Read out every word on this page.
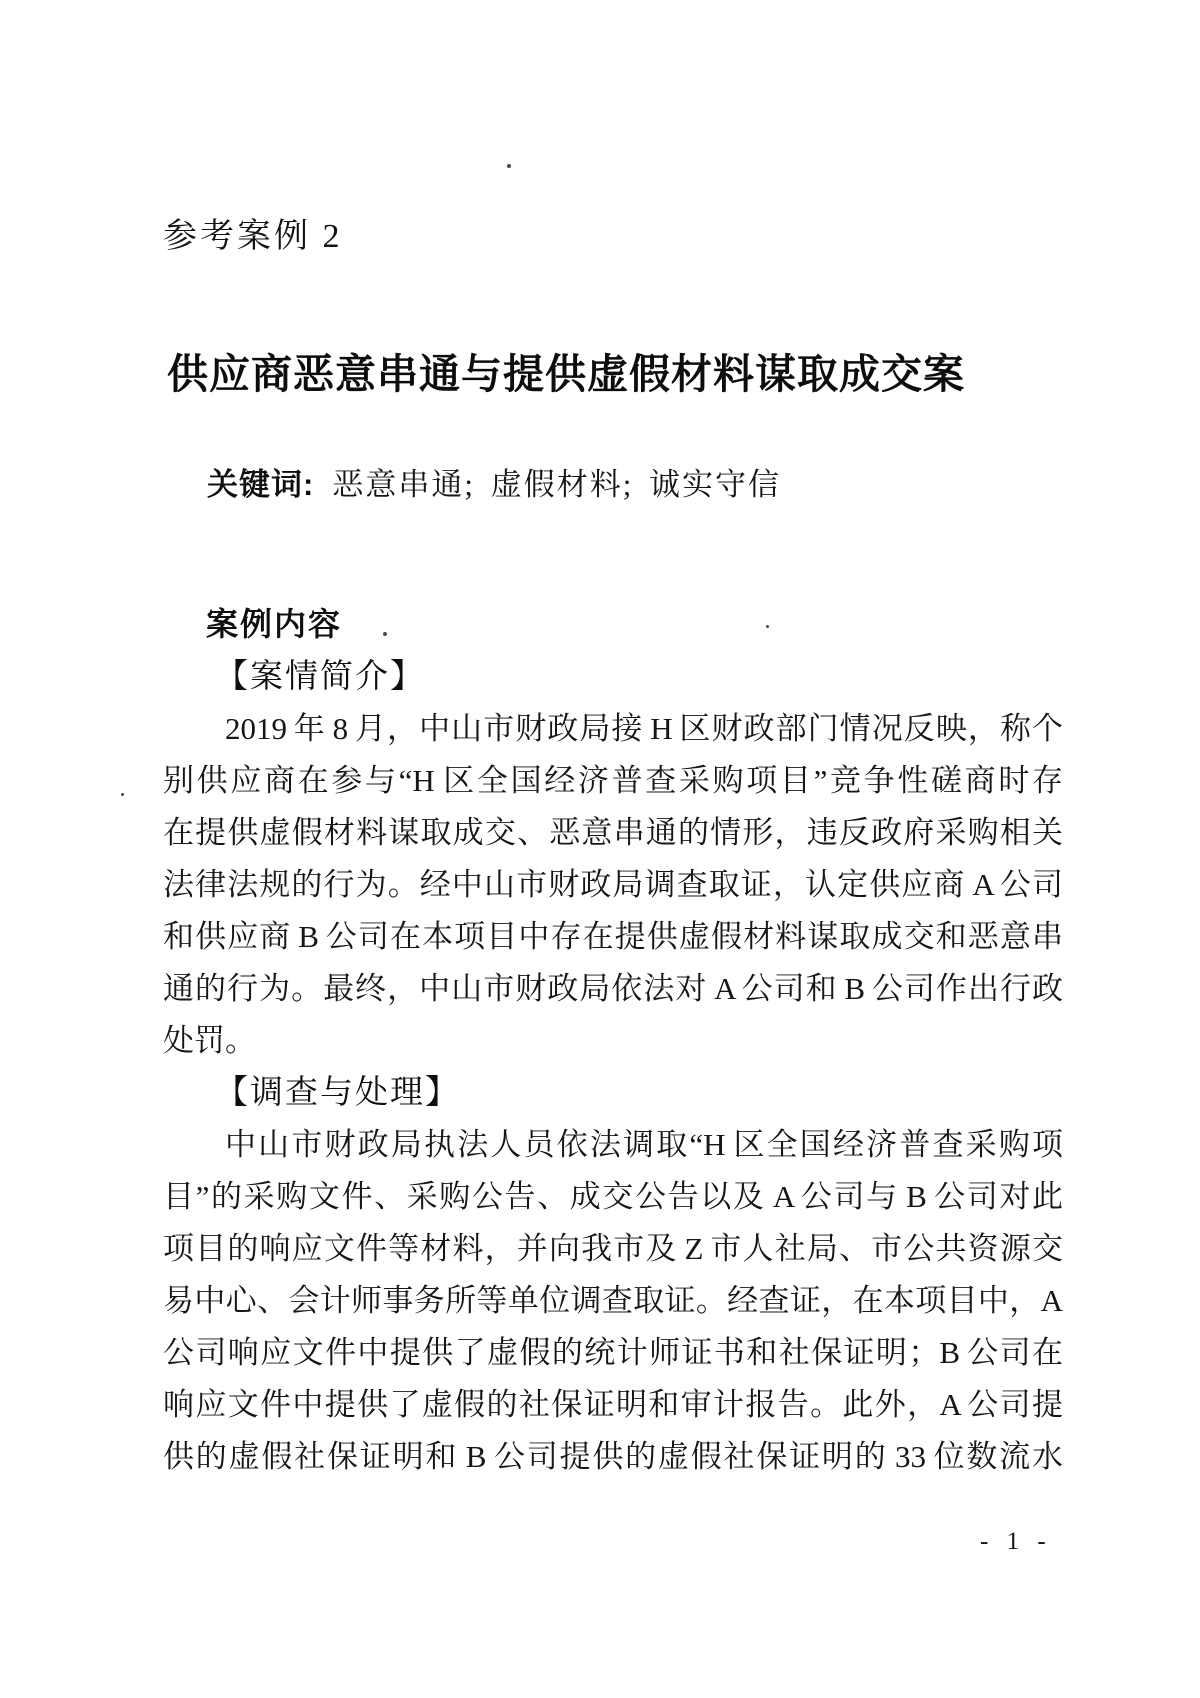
参考案例 2
供应商恶意串通与提供虚假材料谋取成交案
关键词: 恶意串通; 虚假材料; 诚实守信
案例内容
【案情简介】
2019 年 8 月，中山市财政局接 H 区财政部门情况反映，称个
别供应商在参与“H 区全国经济普查采购项目”竞争性磋商时存
在提供虚假材料谋取成交、恶意串通的情形，违反政府采购相关
法律法规的行为。经中山市财政局调查取证，认定供应商 A 公司
和供应商 B 公司在本项目中存在提供虚假材料谋取成交和恶意串
通的行为。最终，中山市财政局依法对 A 公司和 B 公司作出行政
处罚。
【调查与处理】
中山市财政局执法人员依法调取“H 区全国经济普查采购项
目”的采购文件、采购公告、成交公告以及 A 公司与 B 公司对此
项目的响应文件等材料，并向我市及 Z 市人社局、市公共资源交
易中心、会计师事务所等单位调查取证。经查证，在本项目中，A
公司响应文件中提供了虚假的统计师证书和社保证明；B 公司在
响应文件中提供了虚假的社保证明和审计报告。此外，A 公司提
供的虚假社保证明和 B 公司提供的虚假社保证明的 33 位数流水
- 1 -
